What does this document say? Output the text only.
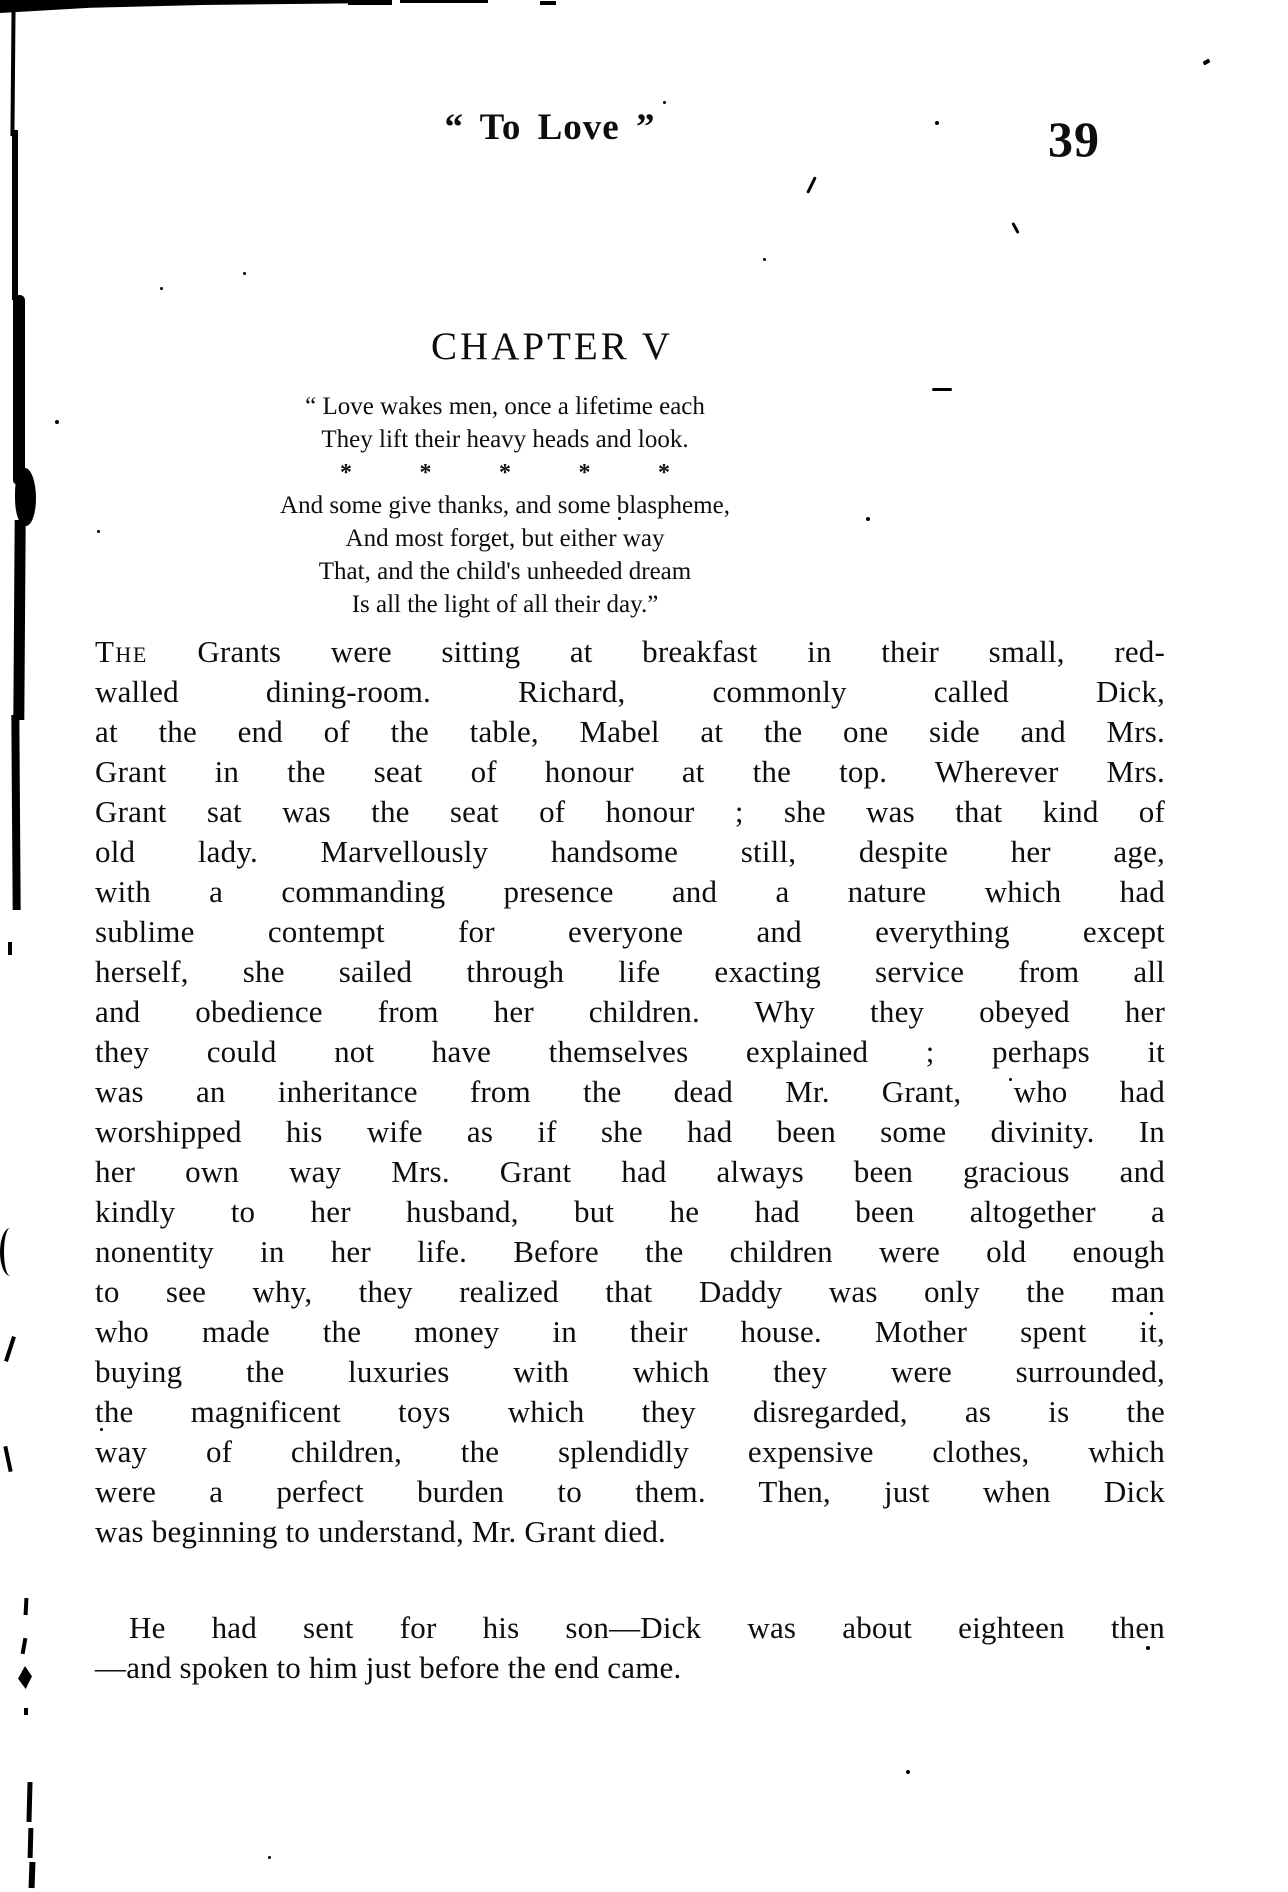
“ To Love ”	39
CHAPTER V
“ Love wakes men, once a lifetime each
They lift their heavy heads and look.
*	*	*	*	*
And some give thanks, and some blaspheme,
And most forget, but either way
That, and the child's unheeded dream
Is all the light of all their day.”
The Grants were sitting at breakfast in their small, red-
walled dining-room. Richard, commonly called Dick,
at the end of the table, Mabel at the one side and Mrs.
Grant in the seat of honour at the top. Wherever Mrs.
Grant sat was the seat of honour ; she was that kind of
old lady. Marvellously handsome still, despite her age,
with a commanding presence and a nature which had
sublime contempt for everyone and everything except
herself, she sailed through life exacting service from all
and obedience from her children. Why they obeyed her
they could not have themselves explained ; perhaps it
was an inheritance from the dead Mr. Grant, who had
worshipped his wife as if she had been some divinity. In
her own way Mrs. Grant had always been gracious and
kindly to her husband, but he had been altogether a
nonentity in her life. Before the children were old enough
to see why, they realized that Daddy was only the man
who made the money in their house. Mother spent it,
buying the luxuries with which they were surrounded,
the magnificent toys which they disregarded, as is the
way of children, the splendidly expensive clothes, which
were a perfect burden to them. Then, just when Dick
was beginning to understand, Mr. Grant died.
He had sent for his son—Dick was about eighteen then
—and spoken to him just before the end came.
